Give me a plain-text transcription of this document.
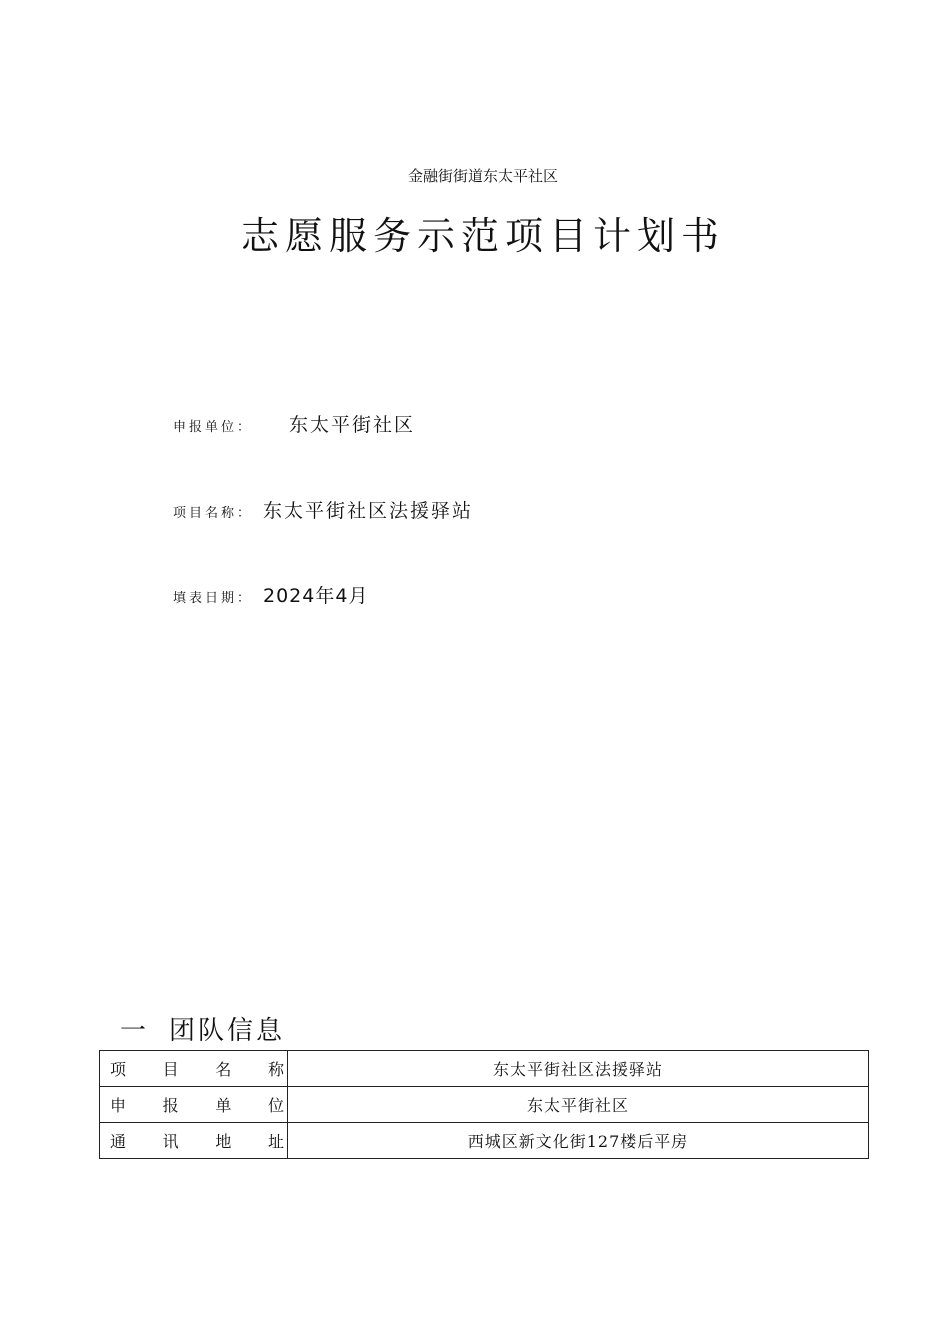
金融街街道东太平社区
志愿服务示范项目计划书
申报单位：	东太平街社区
项目名称： 东太平街社区法援驿站
填表日期： 2024年4月
一 团队信息
项 目 名 称	东太平街社区法援驿站

申 报 单 位	东太平街社区

通 讯 地 址	西城区新文化街127楼后平房
